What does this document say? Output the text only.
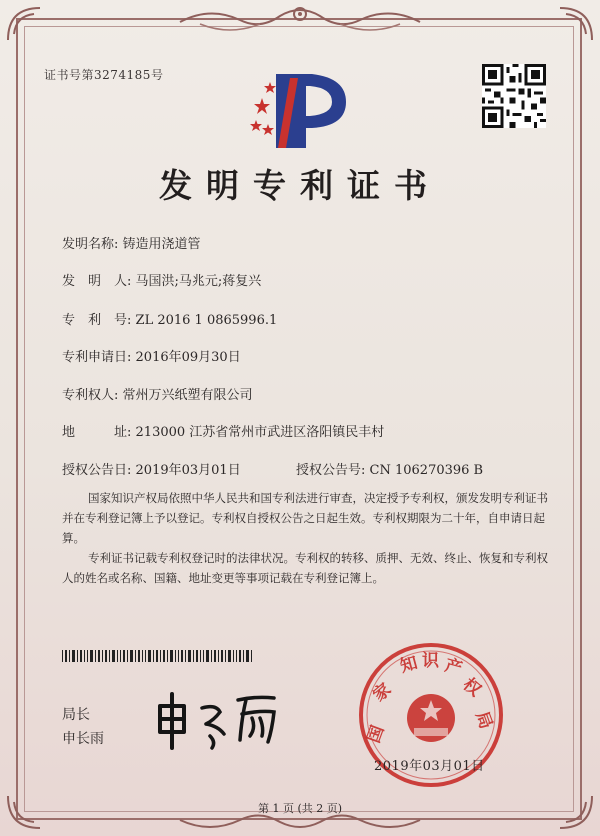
证书号第3274185号
发明专利证书
发明名称: 铸造用浇道管
发　明　人: 马国洪;马兆元;蒋复兴
专　利　号: ZL 2016 1 0865996.1
专利申请日: 2016年09月30日
专利权人: 常州万兴纸塑有限公司
地　　　址: 213000 江苏省常州市武进区洛阳镇民丰村
授权公告日: 2019年03月01日	授权公告号: CN 106270396 B
国家知识产权局依照中华人民共和国专利法进行审查，决定授予专利权，颁发发明专利证书并在专利登记簿上予以登记。专利权自授权公告之日起生效。专利权期限为二十年，自申请日起算。
专利证书记载专利权登记时的法律状况。专利权的转移、质押、无效、终止、恢复和专利权人的姓名或名称、国籍、地址变更等事项记载在专利登记簿上。
局长
申长雨	国
家
知 识 产
权
局
2019年03月01日
第 1 页 (共 2 页)
